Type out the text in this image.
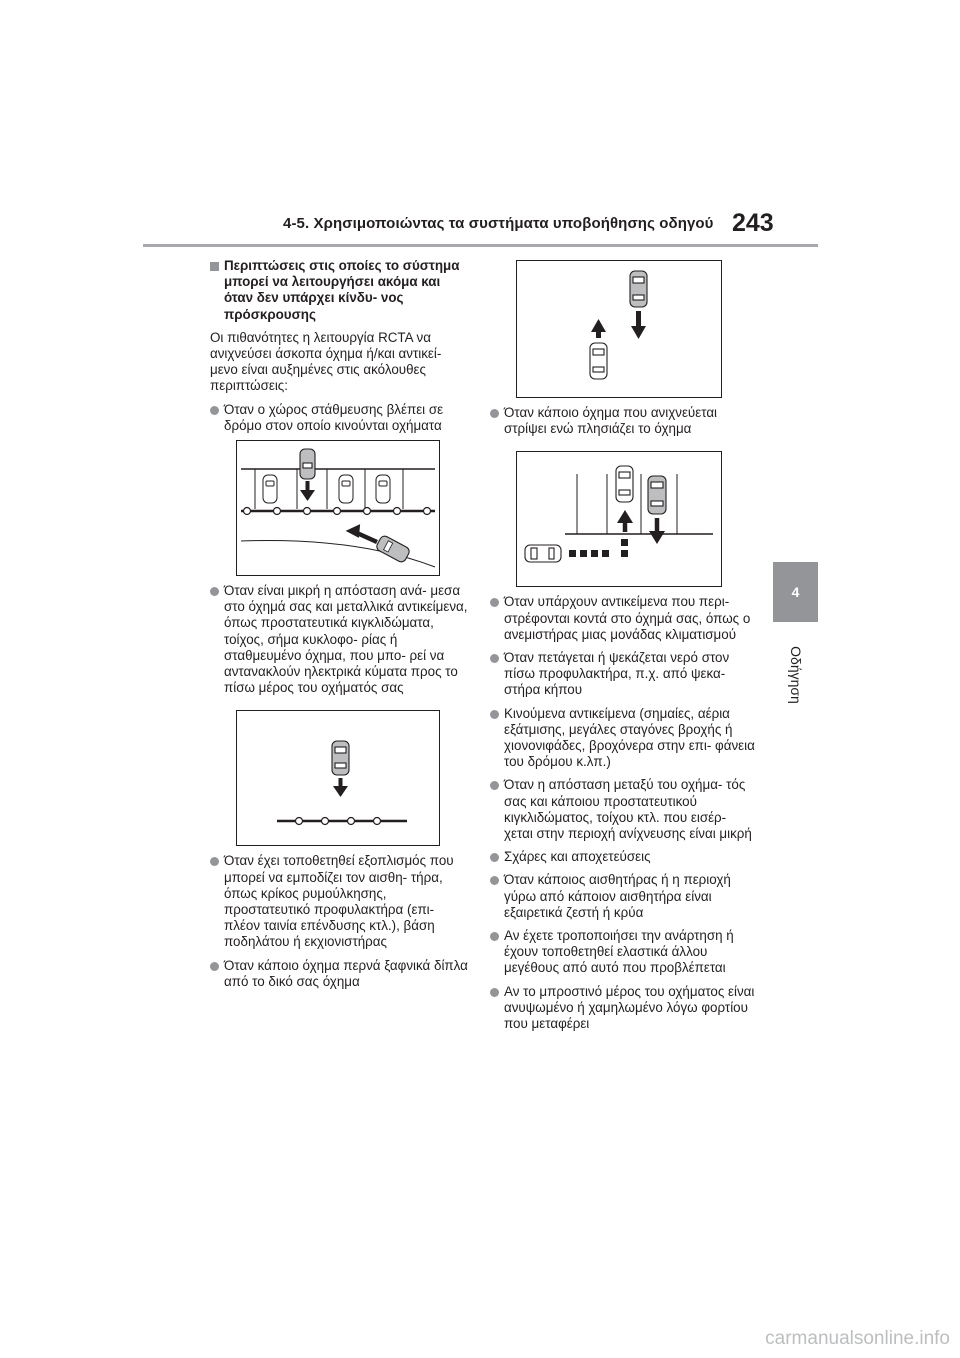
4-5. Χρησιμοποιώντας τα συστήματα υποβοήθησης οδηγού 243
4
Οδήγηση
Περιπτώσεις στις οποίες το σύστημα μπορεί να λειτουργήσει ακόμα και όταν δεν υπάρχει κίνδυ- νος πρόσκρουσης
Οι πιθανότητες η λειτουργία RCTA να ανιχνεύσει άσκοπα όχημα ή/και αντικεί- μενο είναι αυξημένες στις ακόλουθες περιπτώσεις:
Όταν ο χώρος στάθμευσης βλέπει σε δρόμο στον οποίο κινούνται οχήματα
Όταν είναι μικρή η απόσταση ανά- μεσα στο όχημά σας και μεταλλικά αντικείμενα, όπως προστατευτικά κιγκλιδώματα, τοίχος, σήμα κυκλοφο- ρίας ή σταθμευμένο όχημα, που μπο- ρεί να αντανακλούν ηλεκτρικά κύματα προς το πίσω μέρος του οχήματός σας
Όταν έχει τοποθετηθεί εξοπλισμός που μπορεί να εμποδίζει τον αισθη- τήρα, όπως κρίκος ρυμούλκησης, προστατευτικό προφυλακτήρα (επι- πλέον ταινία επένδυσης κτλ.), βάση ποδηλάτου ή εκχιονιστήρας
Όταν κάποιο όχημα περνά ξαφνικά δίπλα από το δικό σας όχημα
Όταν κάποιο όχημα που ανιχνεύεται στρίψει ενώ πλησιάζει το όχημα
Όταν υπάρχουν αντικείμενα που περι- στρέφονται κοντά στο όχημά σας, όπως ο ανεμιστήρας μιας μονάδας κλιματισμού
Όταν πετάγεται ή ψεκάζεται νερό στον πίσω προφυλακτήρα, π.χ. από ψεκα- στήρα κήπου
Κινούμενα αντικείμενα (σημαίες, αέρια εξάτμισης, μεγάλες σταγόνες βροχής ή χιονονιφάδες, βροχόνερα στην επι- φάνεια του δρόμου κ.λπ.)
Όταν η απόσταση μεταξύ του οχήμα- τός σας και κάποιου προστατευτικού κιγκλιδώματος, τοίχου κτλ. που εισέρ- χεται στην περιοχή ανίχνευσης είναι μικρή
Σχάρες και αποχετεύσεις
Όταν κάποιος αισθητήρας ή η περιοχή γύρω από κάποιον αισθητήρα είναι εξαιρετικά ζεστή ή κρύα
Αν έχετε τροποποιήσει την ανάρτηση ή έχουν τοποθετηθεί ελαστικά άλλου μεγέθους από αυτό που προβλέπεται
Αν το μπροστινό μέρος του οχήματος είναι ανυψωμένο ή χαμηλωμένο λόγω φορτίου που μεταφέρει
carmanualsonline.info
